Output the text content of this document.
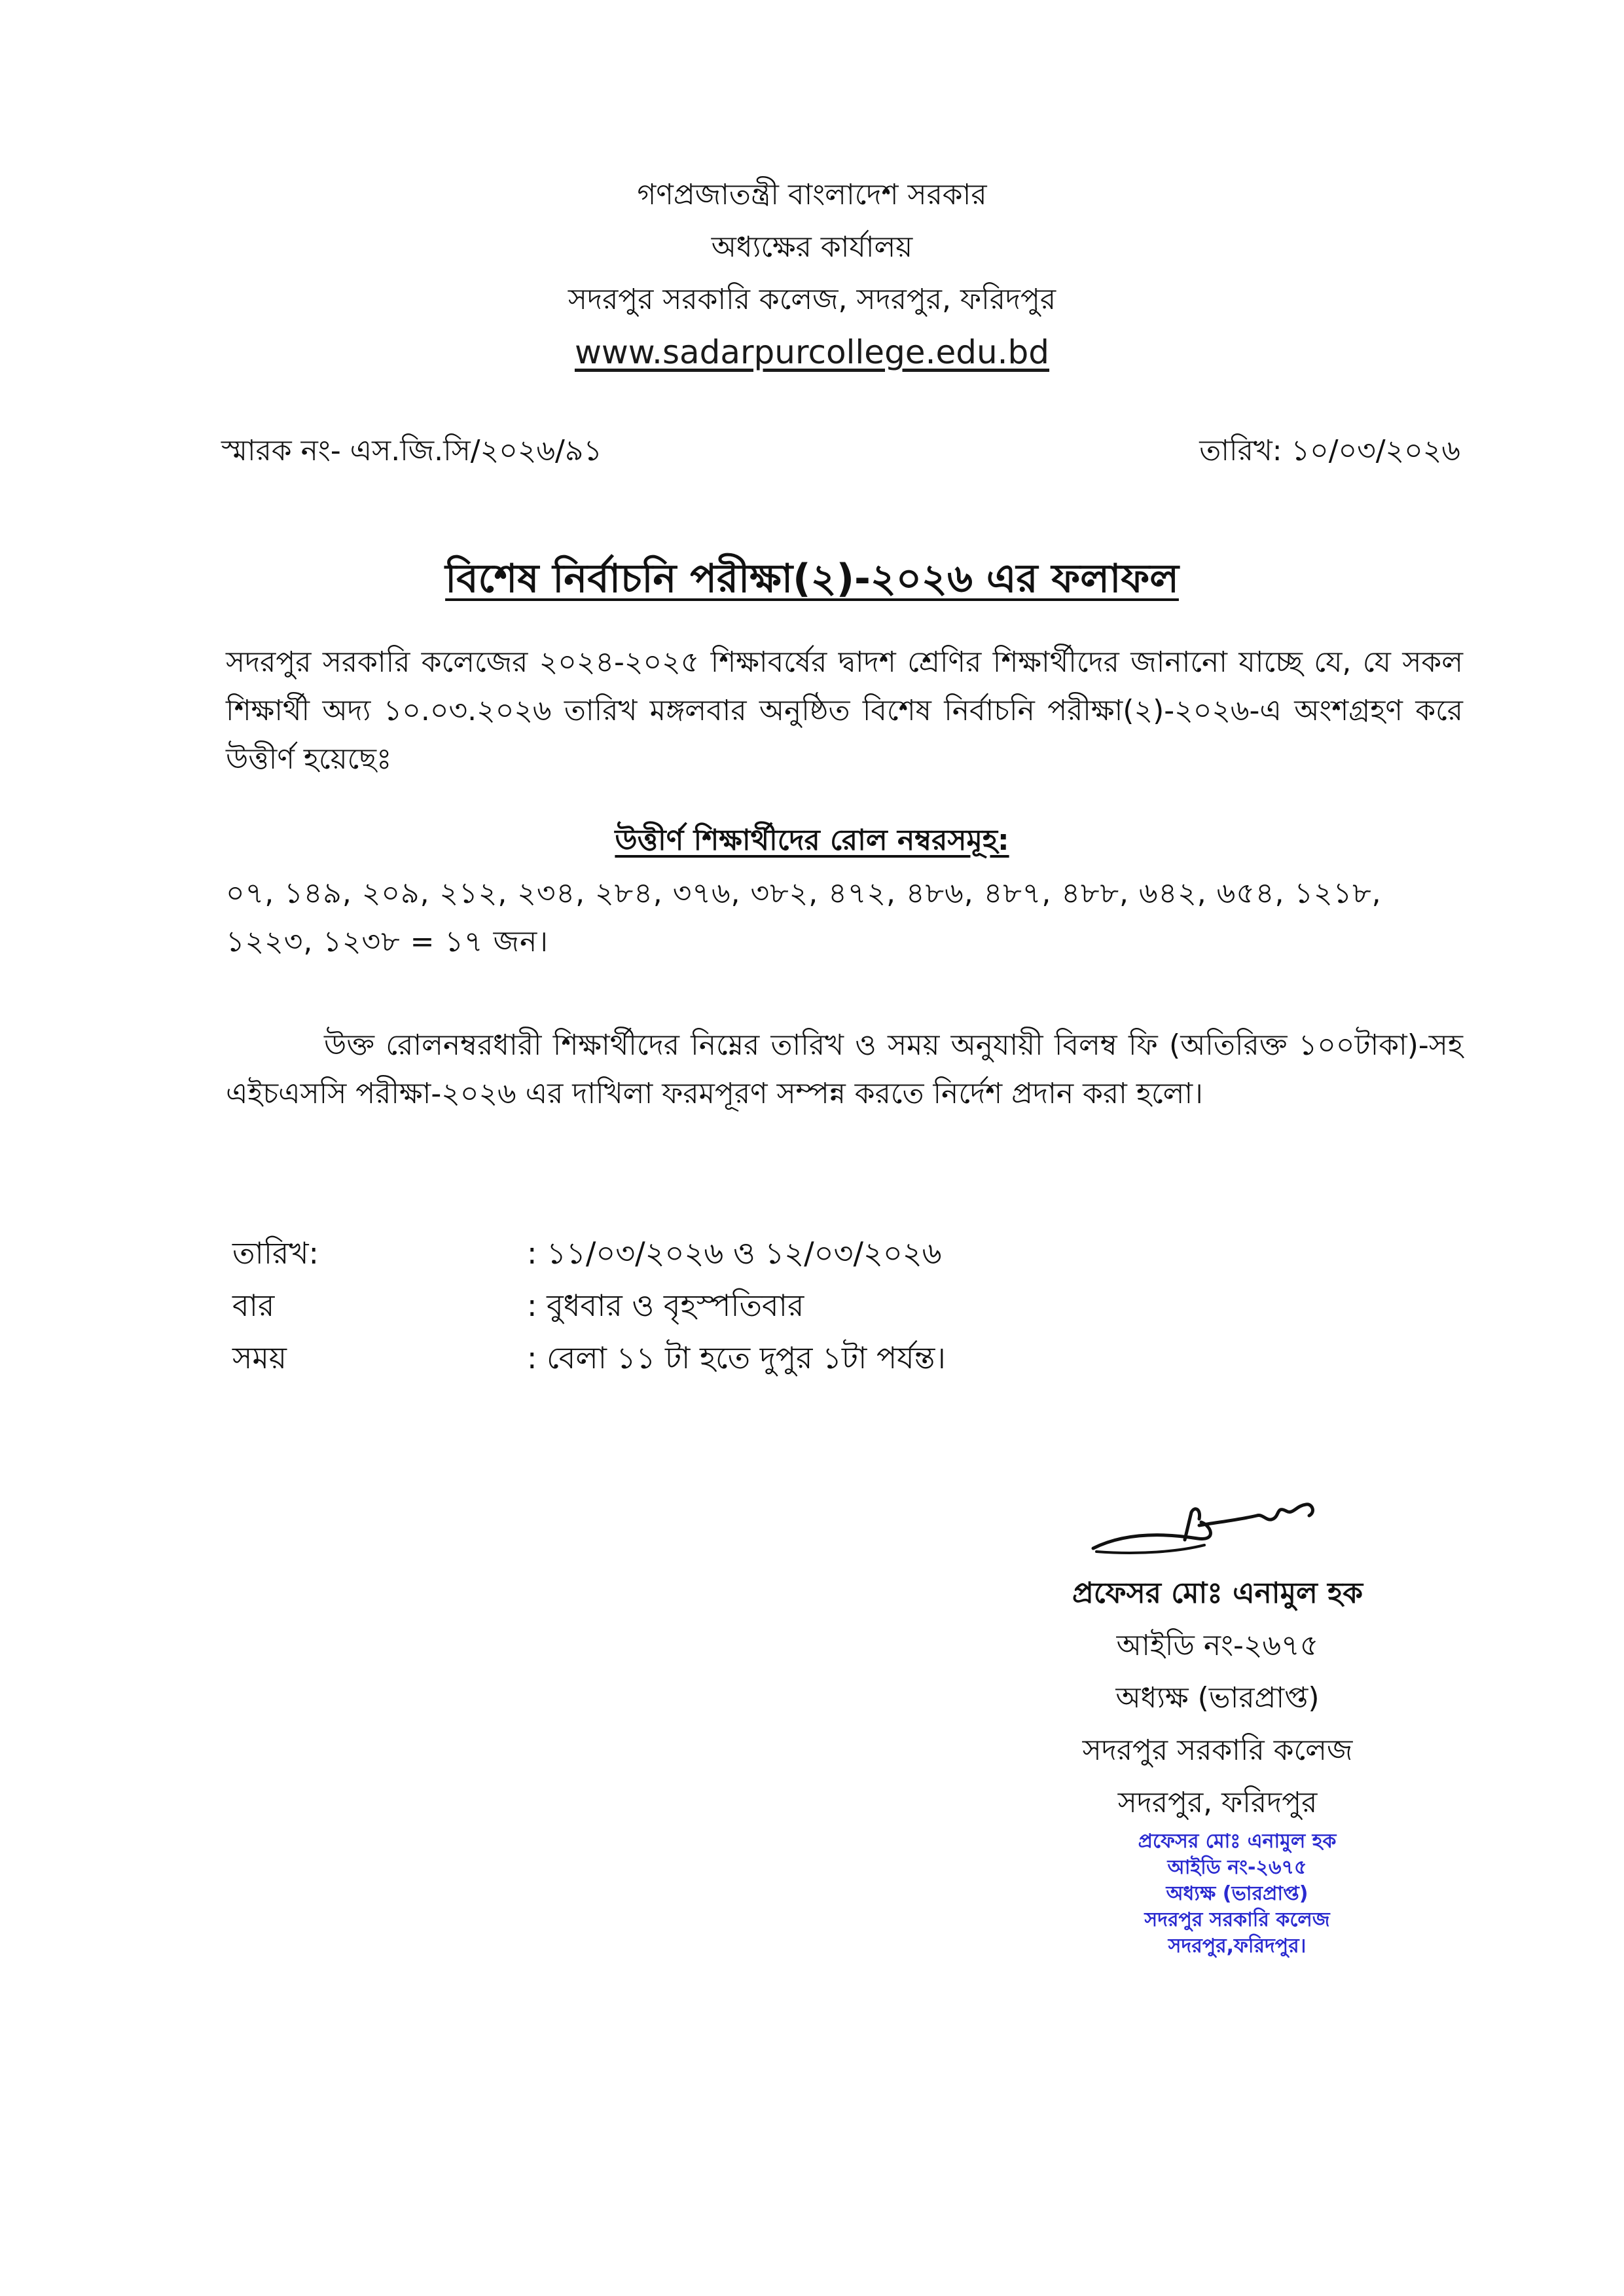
গণপ্রজাতন্ত্রী বাংলাদেশ সরকার
অধ্যক্ষের কার্যালয়
সদরপুর সরকারি কলেজ, সদরপুর, ফরিদপুর
www.sadarpurcollege.edu.bd
স্মারক নং- এস.জি.সি/২০২৬/৯১	তারিখ: ১০/০৩/২০২৬
বিশেষ নির্বাচনি পরীক্ষা(২)-২০২৬ এর ফলাফল
সদরপুর সরকারি কলেজের ২০২৪-২০২৫ শিক্ষাবর্ষের দ্বাদশ শ্রেণির শিক্ষার্থীদের জানানো যাচ্ছে যে, যে সকল শিক্ষার্থী অদ্য ১০.০৩.২০২৬ তারিখ মঙ্গলবার অনুষ্ঠিত বিশেষ নির্বাচনি পরীক্ষা(২)-২০২৬-এ অংশগ্রহণ করে উত্তীর্ণ হয়েছেঃ
উত্তীর্ণ শিক্ষার্থীদের রোল নম্বরসমূহ:
০৭, ১৪৯, ২০৯, ২১২, ২৩৪, ২৮৪, ৩৭৬, ৩৮২, ৪৭২, ৪৮৬, ৪৮৭, ৪৮৮, ৬৪২, ৬৫৪, ১২১৮, ১২২৩, ১২৩৮ = ১৭ জন।
উক্ত রোলনম্বরধারী শিক্ষার্থীদের নিম্নের তারিখ ও সময় অনুযায়ী বিলম্ব ফি (অতিরিক্ত ১০০টাকা)-সহ এইচএসসি পরীক্ষা-২০২৬ এর দাখিলা ফরমপূরণ সম্পন্ন করতে নির্দেশ প্রদান করা হলো।
তারিখ:	: ১১/০৩/২০২৬ ও ১২/০৩/২০২৬
বার	: বুধবার ও বৃহস্পতিবার
সময়	: বেলা ১১ টা হতে দুপুর ১টা পর্যন্ত।
প্রফেসর মোঃ এনামুল হক
আইডি নং-২৬৭৫
অধ্যক্ষ (ভারপ্রাপ্ত)
সদরপুর সরকারি কলেজ
সদরপুর, ফরিদপুর
প্রফেসর মোঃ এনামুল হক
আইডি নং-২৬৭৫
অধ্যক্ষ (ভারপ্রাপ্ত)
সদরপুর সরকারি কলেজ
সদরপুর,ফরিদপুর।
